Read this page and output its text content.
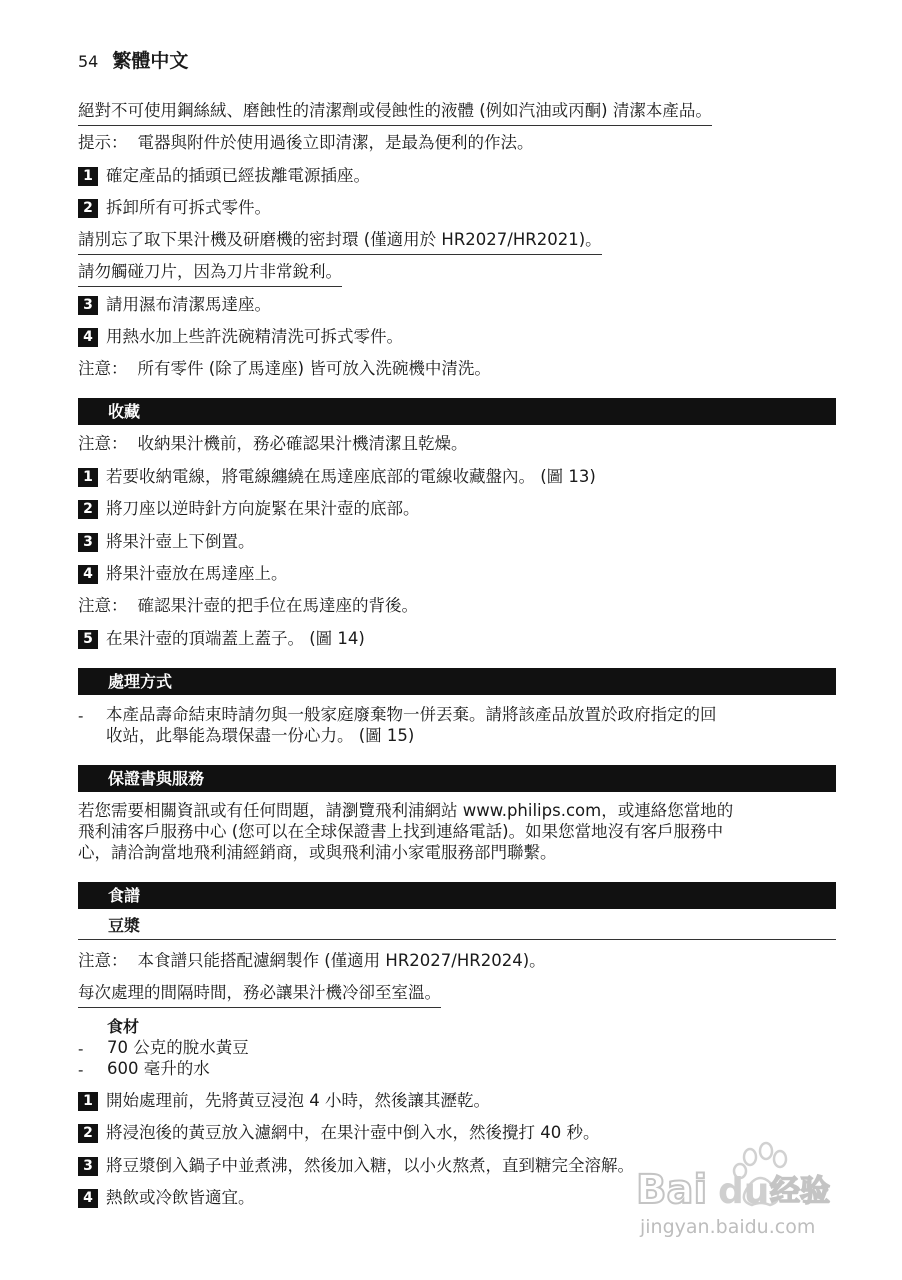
54 繁體中文
絕對不可使用鋼絲絨、磨蝕性的清潔劑或侵蝕性的液體 (例如汽油或丙酮) 清潔本產品。
提示： 電器與附件於使用過後立即清潔，是最為便利的作法。
1 確定產品的插頭已經拔離電源插座。
2 拆卸所有可拆式零件。
請別忘了取下果汁機及研磨機的密封環 (僅適用於 HR2027/HR2021)。
請勿觸碰刀片，因為刀片非常銳利。
3 請用濕布清潔馬達座。
4 用熱水加上些許洗碗精清洗可拆式零件。
注意： 所有零件 (除了馬達座) 皆可放入洗碗機中清洗。
收藏
注意： 收納果汁機前，務必確認果汁機清潔且乾燥。
1 若要收納電線，將電線纏繞在馬達座底部的電線收藏盤內。 (圖 13)
2 將刀座以逆時針方向旋緊在果汁壺的底部。
3 將果汁壺上下倒置。
4 將果汁壺放在馬達座上。
注意： 確認果汁壺的把手位在馬達座的背後。
5 在果汁壺的頂端蓋上蓋子。 (圖 14)
處理方式
- 本產品壽命結束時請勿與一般家庭廢棄物一併丟棄。請將該產品放置於政府指定的回
收站，此舉能為環保盡一份心力。 (圖 15)
保證書與服務
若您需要相關資訊或有任何問題，請瀏覽飛利浦網站 www.philips.com，或連絡您當地的
飛利浦客戶服務中心 (您可以在全球保證書上找到連絡電話)。如果您當地沒有客戶服務中
心，請洽詢當地飛利浦經銷商，或與飛利浦小家電服務部門聯繫。
食譜
豆漿
注意： 本食譜只能搭配濾網製作 (僅適用 HR2027/HR2024)。
每次處理的間隔時間，務必讓果汁機冷卻至室溫。
食材
- 70 公克的脫水黃豆
- 600 毫升的水
1 開始處理前，先將黃豆浸泡 4 小時，然後讓其瀝乾。
2 將浸泡後的黃豆放入濾網中，在果汁壺中倒入水，然後攪打 40 秒。
3 將豆漿倒入鍋子中並煮沸，然後加入糖，以小火熬煮，直到糖完全溶解。
4 熱飲或冷飲皆適宜。	Bai du 经验
jingyan.baidu.com
